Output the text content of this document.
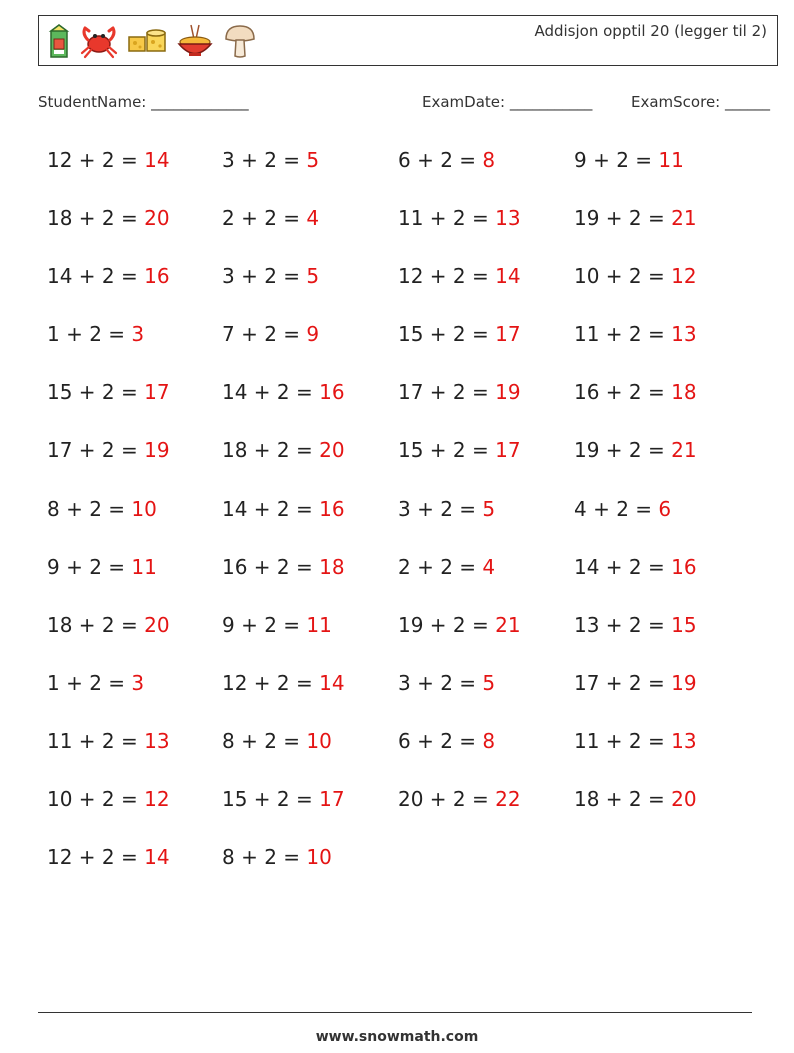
Addisjon opptil 20 (legger til 2)
StudentName: _____________	ExamDate: ___________	ExamScore: ______
12 + 2 = 14	3 + 2 = 5	6 + 2 = 8	9 + 2 = 11
18 + 2 = 20	2 + 2 = 4	11 + 2 = 13	19 + 2 = 21
14 + 2 = 16	3 + 2 = 5	12 + 2 = 14	10 + 2 = 12
1 + 2 = 3	7 + 2 = 9	15 + 2 = 17	11 + 2 = 13
15 + 2 = 17	14 + 2 = 16	17 + 2 = 19	16 + 2 = 18
17 + 2 = 19	18 + 2 = 20	15 + 2 = 17	19 + 2 = 21
8 + 2 = 10	14 + 2 = 16	3 + 2 = 5	4 + 2 = 6
9 + 2 = 11	16 + 2 = 18	2 + 2 = 4	14 + 2 = 16
18 + 2 = 20	9 + 2 = 11	19 + 2 = 21	13 + 2 = 15
1 + 2 = 3	12 + 2 = 14	3 + 2 = 5	17 + 2 = 19
11 + 2 = 13	8 + 2 = 10	6 + 2 = 8	11 + 2 = 13
10 + 2 = 12	15 + 2 = 17	20 + 2 = 22	18 + 2 = 20
12 + 2 = 14	8 + 2 = 10
www.snowmath.com
